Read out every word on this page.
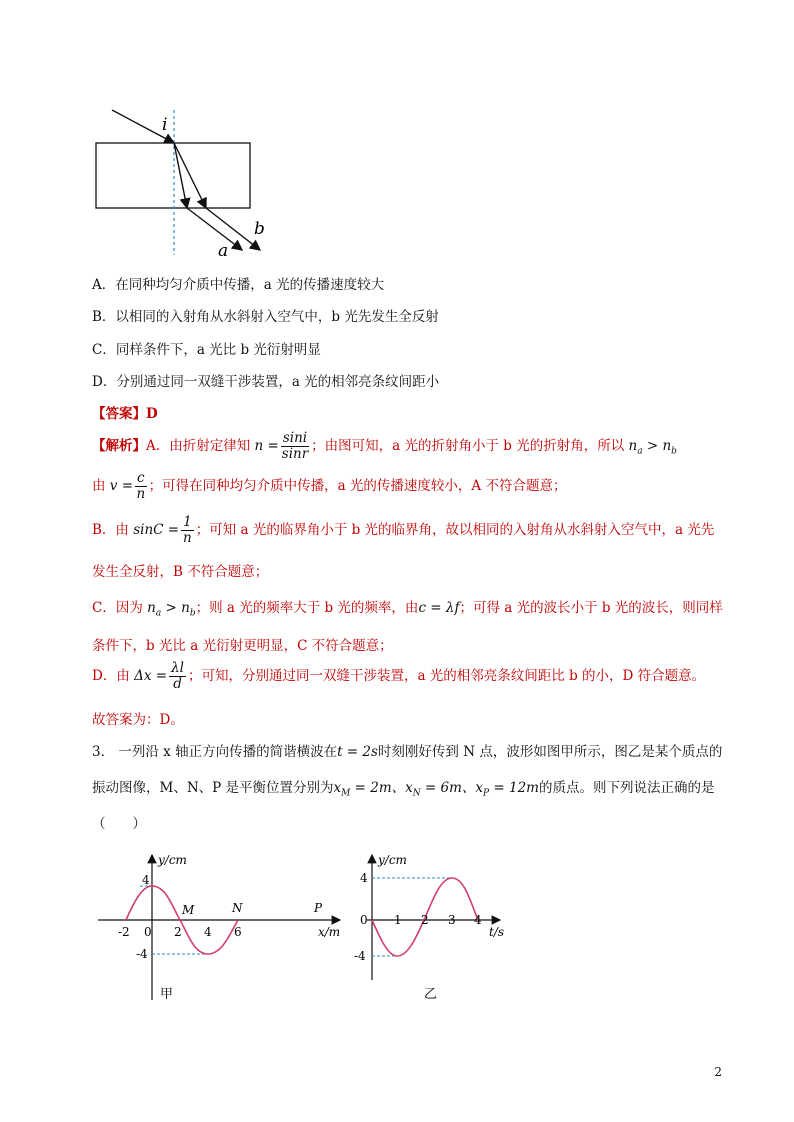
i
a
b
A．在同种均匀介质中传播，a 光的传播速度较大
B．以相同的入射角从水斜射入空气中，b 光先发生全反射
C．同样条件下，a 光比 b 光衍射明显
D．分别通过同一双缝干涉装置，a 光的相邻亮条纹间距小
【答案】D
【解析】A．由折射定律知 $n = \frac{\sin i}{\sin r}$ ；由图可知，a 光的折射角小于 b 光的折射角，所以 $n_a > n_b$
由 $v = \frac{c}{n}$ ；可得在同种均匀介质中传播，a 光的传播速度较小，A 不符合题意；
B．由 $\sin C = \frac{1}{n}$ ；可知 a 光的临界角小于 b 光的临界角，故以相同的入射角从水斜射入空气中，a 光先
发生全反射，B 不符合题意；
C．因为 $n_a > n_b$；则 a 光的频率大于 b 光的频率，由c = λf；可得 a 光的波长小于 b 光的波长，则同样
条件下，b 光比 a 光衍射更明显，C 不符合题意；
D．由 $\Delta x = \frac{\lambda l}{d}$ ；可知，分别通过同一双缝干涉装置，a 光的相邻亮条纹间距比 b 的小，D 符合题意。
故答案为：D。
3． 一列沿 x 轴正方向传播的简谐横波在t = 2s时刻刚好传到 N 点，波形如图甲所示，图乙是某个质点的
振动图像，M、N、P 是平衡位置分别为$x_M = 2m$、$x_N = 6m$、$x_P = 12m$的质点。则下列说法正确的是
（　　）
y/cm
x/m
4
-4
-2 0 2 4 6
M	N	P
甲
y/cm
t/s
4
-4
0 1 2 3 4
乙
2
